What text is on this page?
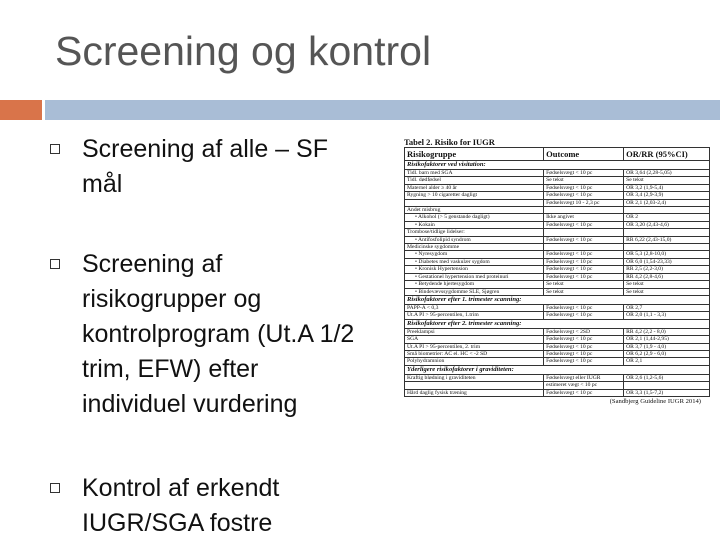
Screening og kontrol
Screening af alle – SF
mål
Screening af
risikogrupper og
kontrolprogram (Ut.A 1/2
trim, EFW) efter
individuel vurdering
Kontrol af erkendt
IUGR/SGA fostre
Tabel 2. Risiko for IUGR
Risikogruppe	Outcome	OR/RR (95%CI)
Risikofaktorer ved visitation:		
Tidl. barn med SGA	Fødselsvægt < 10 pc	OR 3,64 (2,28-5,05)
Tidl. dødfødsel	Se tekst	Se tekst
Maternel alder ≥ 40 år	Fødselsvægt < 10 pc	OR 3,2 (1,9-5,4)
Rygning > 10 cigaretter dagligt	Fødselsvægt < 10 pc	OR 3,4 (2,9-3,9)
	Fødselsvægt 10 - 2,3 pc	OR 2,1 (2,03-2,4)
Andet misbrug		
• Alkohol (> 5 genstande dagligt)	Ikke angivet	OR 2
• Kokain	Fødselsvægt < 10 pc	OR 3,20 (2,43-4,6)
Trombose/tidlige lidelser:		
• Antifosfolipid syndrom	Fødselsvægt < 10 pc	RR 6,22 (2,43-15,0)
Medicinske sygdomme		
• Nyresygdom	Fødselsvægt < 10 pc	OR 5,3 (2,8-10,0)
• Diabetes med vaskulær sygdom	Fødselsvægt < 10 pc	OR 6,0 (1,54-23,33)
• Kronisk Hypertension	Fødselsvægt < 10 pc	RR 2,5 (2,2-3,0)
• Gestationel hypertension med proteinuri	Fødselsvægt < 10 pc	RR 4,2 (2,8-4,6)
• Betydende hjertesygdom	Se tekst	Se tekst
• Bindevævssygdomme SLE, Sjøgren	Se tekst	Se tekst
Risikofaktorer efter 1. trimester scanning:		
PAPP-A < 0,3	Fødselsvægt < 10 pc	OR 2,7
Ut.A PI > 95-percentilen, 1.trim	Fødselsvægt < 10 pc	OR 2,0 (1,1 - 3,3)
Risikofaktorer efter 2. trimester scanning:		
Preeklampsi	Fødselsvægt < 2SD	RR 4,2 (2,2 - 8,0)
SGA	Fødselsvægt < 10 pc	OR 2,1 (1,44-2,95)
Ut.A PI > 95-percentilen, 2. trim	Fødselsvægt < 10 pc	OR 3,7 (1,9 - 4,0)
Små biometrier: AC el. HC < -2 SD	Fødselsvægt < 10 pc	OR 6,2 (2,9 - 6,0)
Polyhydramnion	Fødselsvægt < 10 pc	OR 2,1
Yderligere risikofaktorer i graviditeten:		
Kraftig blødning i graviditeten	Fødselsvægt eller IUGR	OR 2,6 (1,2-5,6)
	estimeret vægt < 10 pc	
Hård daglig fysisk træning	Fødselsvægt < 10 pc	OR 3,3 (1,5-7,2)
(Sandbjerg Guideline IUGR 2014)
